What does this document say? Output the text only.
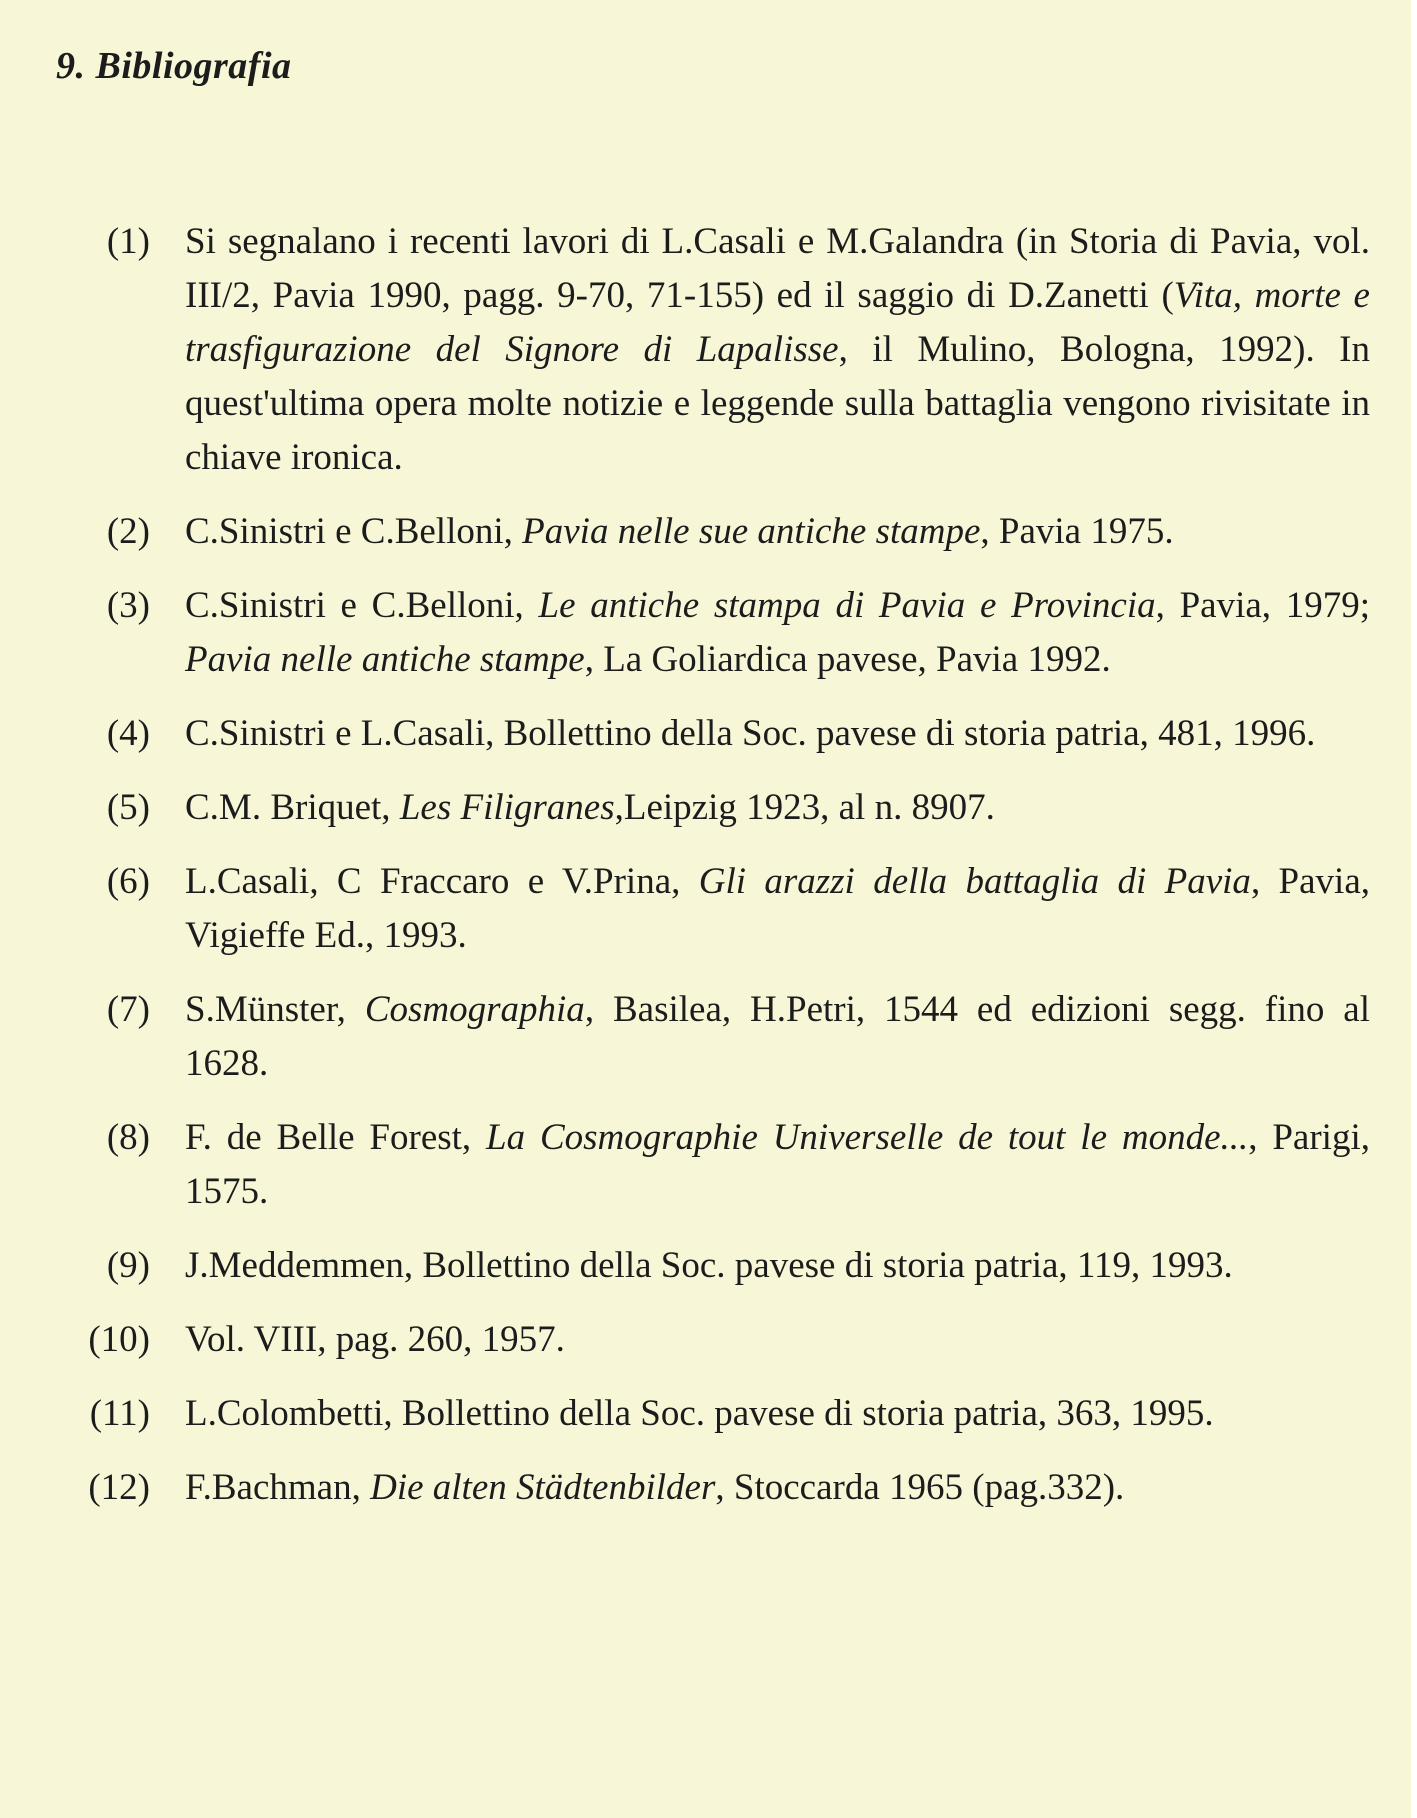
9. Bibliografia
(1) Si segnalano i recenti lavori di L.Casali e M.Galandra (in Storia di Pavia, vol. III/2, Pavia 1990, pagg. 9-70, 71-155) ed il saggio di D.Zanetti (Vita, morte e trasfigurazione del Signore di Lapalisse, il Mulino, Bologna, 1992). In quest'ultima opera molte notizie e leggende sulla battaglia vengono rivisitate in chiave ironica.
(2) C.Sinistri e C.Belloni, Pavia nelle sue antiche stampe, Pavia 1975.
(3) C.Sinistri e C.Belloni, Le antiche stampa di Pavia e Provincia, Pavia, 1979; Pavia nelle antiche stampe, La Goliardica pavese, Pavia 1992.
(4) C.Sinistri e L.Casali, Bollettino della Soc. pavese di storia patria, 481, 1996.
(5) C.M. Briquet, Les Filigranes,Leipzig 1923, al n. 8907.
(6) L.Casali, C Fraccaro e V.Prina, Gli arazzi della battaglia di Pavia, Pavia, Vigieffe Ed., 1993.
(7) S.Münster, Cosmographia, Basilea, H.Petri, 1544 ed edizioni segg. fino al 1628.
(8) F. de Belle Forest, La Cosmographie Universelle de tout le monde..., Parigi, 1575.
(9) J.Meddemmen, Bollettino della Soc. pavese di storia patria, 119, 1993.
(10) Vol. VIII, pag. 260, 1957.
(11) L.Colombetti, Bollettino della Soc. pavese di storia patria, 363, 1995.
(12) F.Bachman, Die alten Städtenbilder, Stoccarda 1965 (pag.332).
